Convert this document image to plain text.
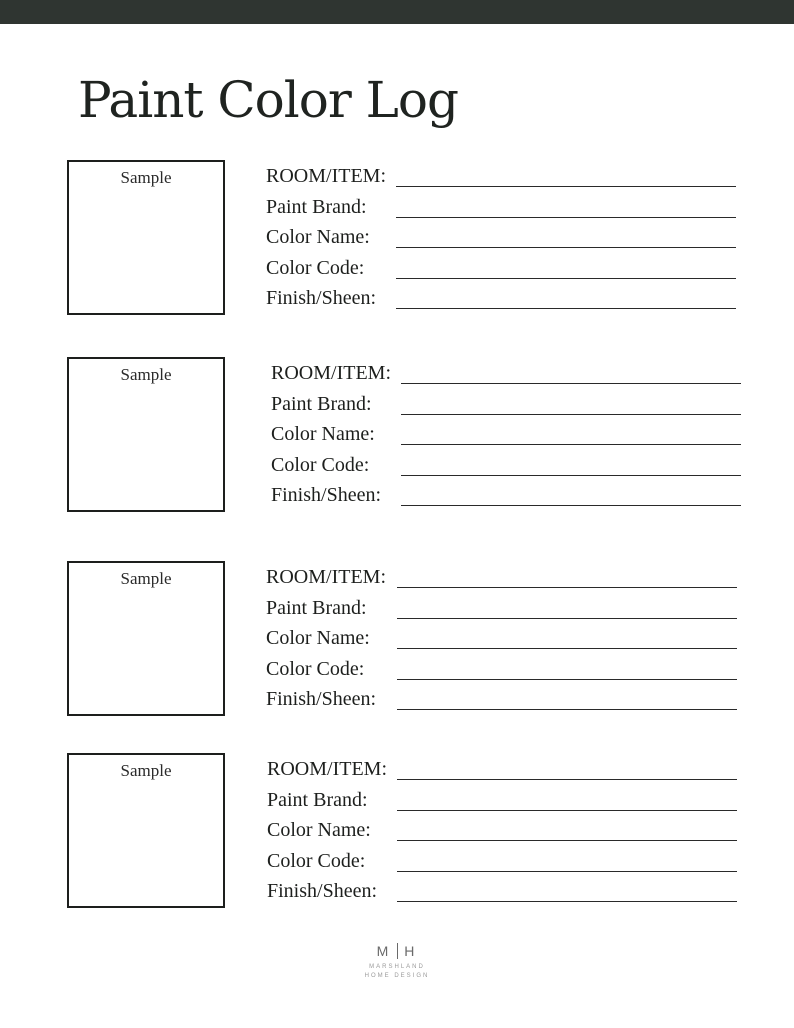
Paint Color Log
Sample	ROOM/ITEM:
Paint Brand:
Color Name:
Color Code:
Finish/Sheen:
Sample	ROOM/ITEM:
Paint Brand:
Color Name:
Color Code:
Finish/Sheen:
Sample	ROOM/ITEM:
Paint Brand:
Color Name:
Color Code:
Finish/Sheen:
Sample	ROOM/ITEM:
Paint Brand:
Color Name:
Color Code:
Finish/Sheen:
M H
MARSHLAND
HOME DESIGN
